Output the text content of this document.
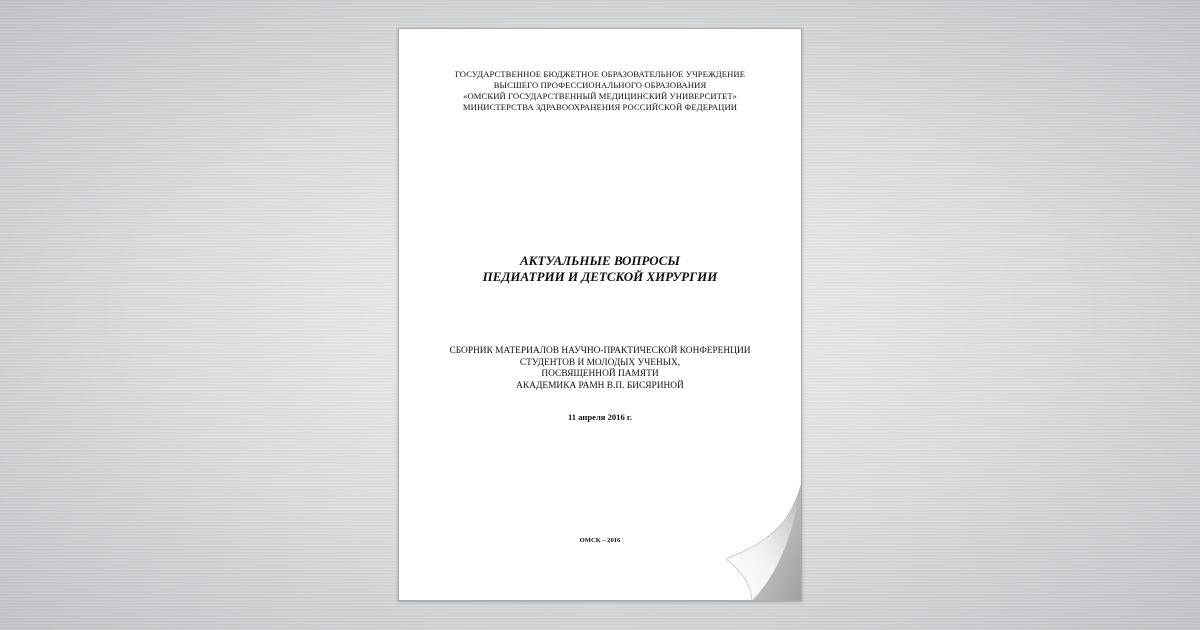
ГОСУДАРСТВЕННОЕ БЮДЖЕТНОЕ ОБРАЗОВАТЕЛЬНОЕ УЧРЕЖДЕНИЕ
ВЫСШЕГО ПРОФЕССИОНАЛЬНОГО ОБРАЗОВАНИЯ
«ОМСКИЙ ГОСУДАРСТВЕННЫЙ МЕДИЦИНСКИЙ УНИВЕРСИТЕТ»
МИНИСТЕРСТВА ЗДРАВООХРАНЕНИЯ РОССИЙСКОЙ ФЕДЕРАЦИИ
АКТУАЛЬНЫЕ ВОПРОСЫ
ПЕДИАТРИИ И ДЕТСКОЙ ХИРУРГИИ
СБОРНИК МАТЕРИАЛОВ НАУЧНО-ПРАКТИЧЕСКОЙ КОНФЕРЕНЦИИ
СТУДЕНТОВ И МОЛОДЫХ УЧЕНЫХ,
ПОСВЯЩЕННОЙ ПАМЯТИ
АКАДЕМИКА РАМН В.П. БИСЯРИНОЙ
11 апреля 2016 г.
ОМСК – 2016
